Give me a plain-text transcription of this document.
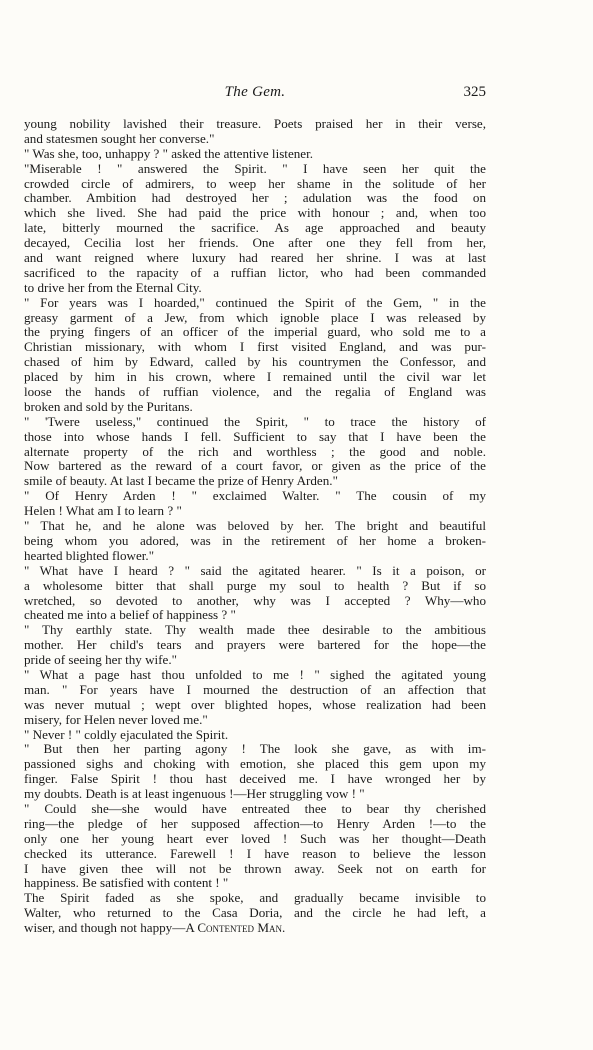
The Gem.	325
young nobility lavished their treasure. Poets praised her in their verse,
and statesmen sought her converse."
" Was she, too, unhappy ? " asked the attentive listener.
"Miserable ! " answered the Spirit. " I have seen her quit the
crowded circle of admirers, to weep her shame in the solitude of her
chamber. Ambition had destroyed her ; adulation was the food on
which she lived. She had paid the price with honour ; and, when too
late, bitterly mourned the sacrifice. As age approached and beauty
decayed, Cecilia lost her friends. One after one they fell from her,
and want reigned where luxury had reared her shrine. I was at last
sacrificed to the rapacity of a ruffian lictor, who had been commanded
to drive her from the Eternal City.
" For years was I hoarded," continued the Spirit of the Gem, " in the
greasy garment of a Jew, from which ignoble place I was released by
the prying fingers of an officer of the imperial guard, who sold me to a
Christian missionary, with whom I first visited England, and was pur-
chased of him by Edward, called by his countrymen the Confessor, and
placed by him in his crown, where I remained until the civil war let
loose the hands of ruffian violence, and the regalia of England was
broken and sold by the Puritans.
" 'Twere useless," continued the Spirit, " to trace the history of
those into whose hands I fell. Sufficient to say that I have been the
alternate property of the rich and worthless ; the good and noble.
Now bartered as the reward of a court favor, or given as the price of the
smile of beauty. At last I became the prize of Henry Arden."
" Of Henry Arden ! " exclaimed Walter. " The cousin of my
Helen ! What am I to learn ? "
" That he, and he alone was beloved by her. The bright and beautiful
being whom you adored, was in the retirement of her home a broken-
hearted blighted flower."
" What have I heard ? " said the agitated hearer. " Is it a poison, or
a wholesome bitter that shall purge my soul to health ? But if so
wretched, so devoted to another, why was I accepted ? Why—who
cheated me into a belief of happiness ? "
" Thy earthly state. Thy wealth made thee desirable to the ambitious
mother. Her child's tears and prayers were bartered for the hope—the
pride of seeing her thy wife."
" What a page hast thou unfolded to me ! " sighed the agitated young
man. " For years have I mourned the destruction of an affection that
was never mutual ; wept over blighted hopes, whose realization had been
misery, for Helen never loved me."
" Never ! " coldly ejaculated the Spirit.
" But then her parting agony ! The look she gave, as with im-
passioned sighs and choking with emotion, she placed this gem upon my
finger. False Spirit ! thou hast deceived me. I have wronged her by
my doubts. Death is at least ingenuous !—Her struggling vow ! "
" Could she—she would have entreated thee to bear thy cherished
ring—the pledge of her supposed affection—to Henry Arden !—to the
only one her young heart ever loved ! Such was her thought—Death
checked its utterance. Farewell ! I have reason to believe the lesson
I have given thee will not be thrown away. Seek not on earth for
happiness. Be satisfied with content ! "
The Spirit faded as she spoke, and gradually became invisible to
Walter, who returned to the Casa Doria, and the circle he had left, a
wiser, and though not happy—A Contented Man.
